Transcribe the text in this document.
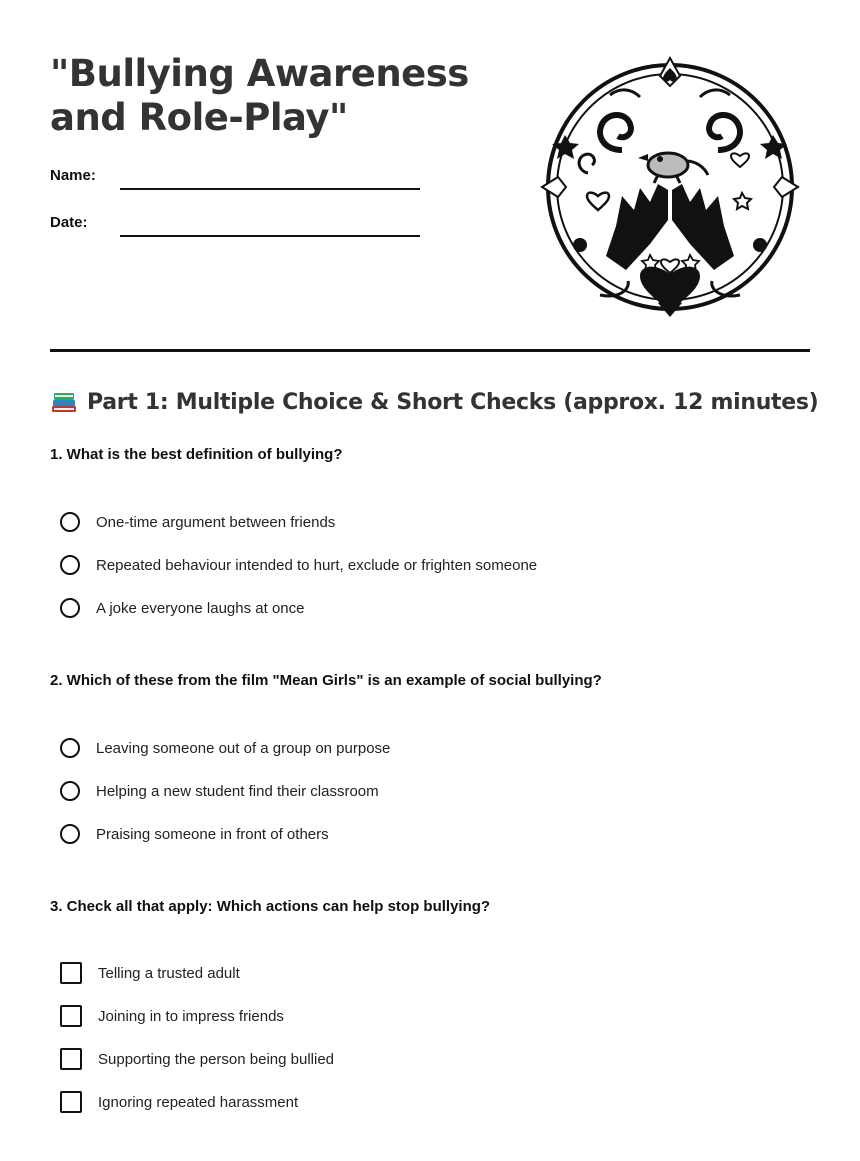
"Bullying Awareness
and Role-Play"
Name:
Date:
Part 1: Multiple Choice & Short Checks (approx. 12 minutes)

1. What is the best definition of bullying?

One-time argument between friends
Repeated behaviour intended to hurt, exclude or frighten someone
A joke everyone laughs at once

2. Which of these from the film "Mean Girls" is an example of social bullying?

Leaving someone out of a group on purpose
Helping a new student find their classroom
Praising someone in front of others

3. Check all that apply: Which actions can help stop bullying?

Telling a trusted adult
Joining in to impress friends
Supporting the person being bullied
Ignoring repeated harassment
